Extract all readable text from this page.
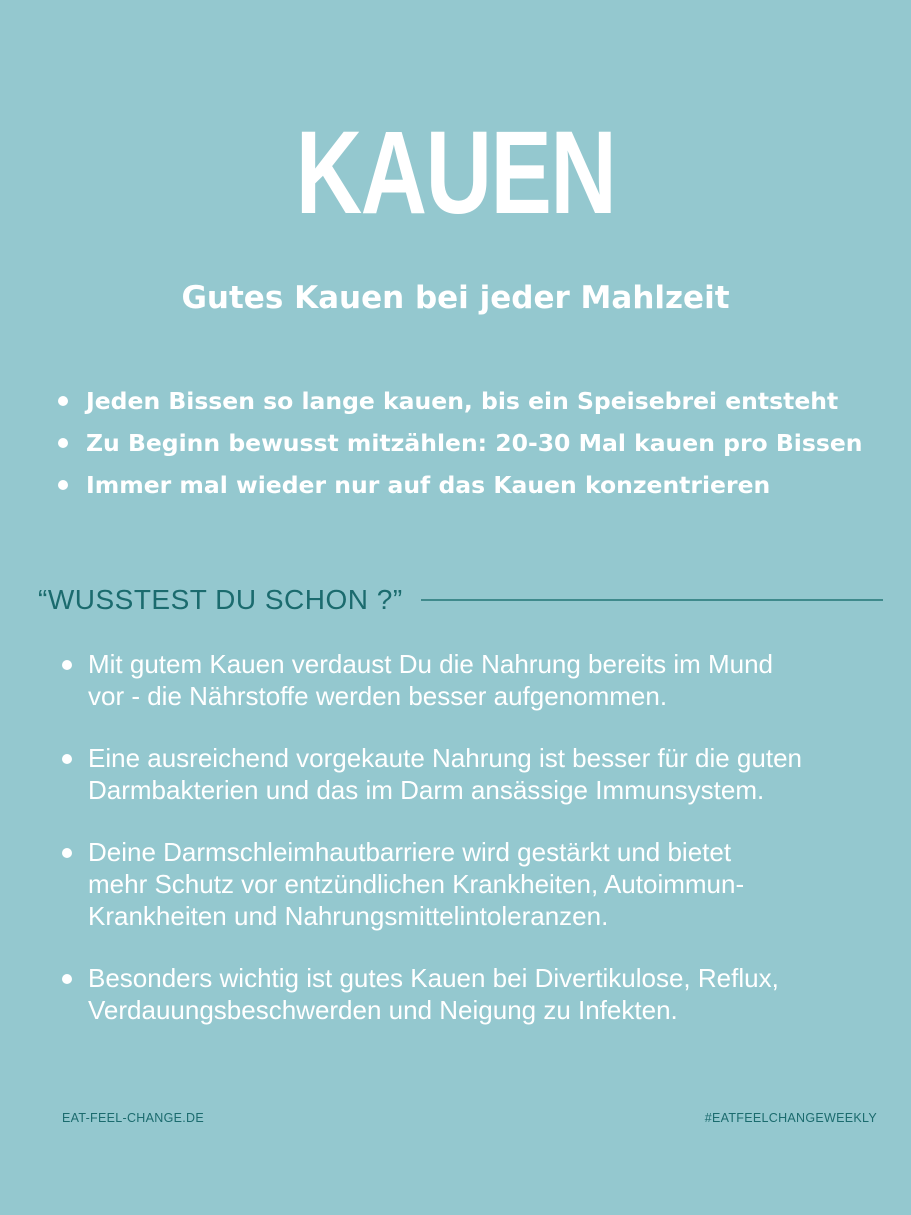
KAUEN
Gutes Kauen bei jeder Mahlzeit
Jeden Bissen so lange kauen, bis ein Speisebrei entsteht
Zu Beginn bewusst mitzählen: 20-30 Mal kauen pro Bissen
Immer mal wieder nur auf das Kauen konzentrieren
“WUSSTEST DU SCHON ?”
Mit gutem Kauen verdaust Du die Nahrung bereits im Mund
vor - die Nährstoffe werden besser aufgenommen.
Eine ausreichend vorgekaute Nahrung ist besser für die guten
Darmbakterien und das im Darm ansässige Immunsystem.
Deine Darmschleimhautbarriere wird gestärkt und bietet
mehr Schutz vor entzündlichen Krankheiten, Autoimmun-
Krankheiten und Nahrungsmittelintoleranzen.
Besonders wichtig ist gutes Kauen bei Divertikulose, Reflux,
Verdauungsbeschwerden und Neigung zu Infekten.
EAT-FEEL-CHANGE.DE	#EATFEELCHANGEWEEKLY
